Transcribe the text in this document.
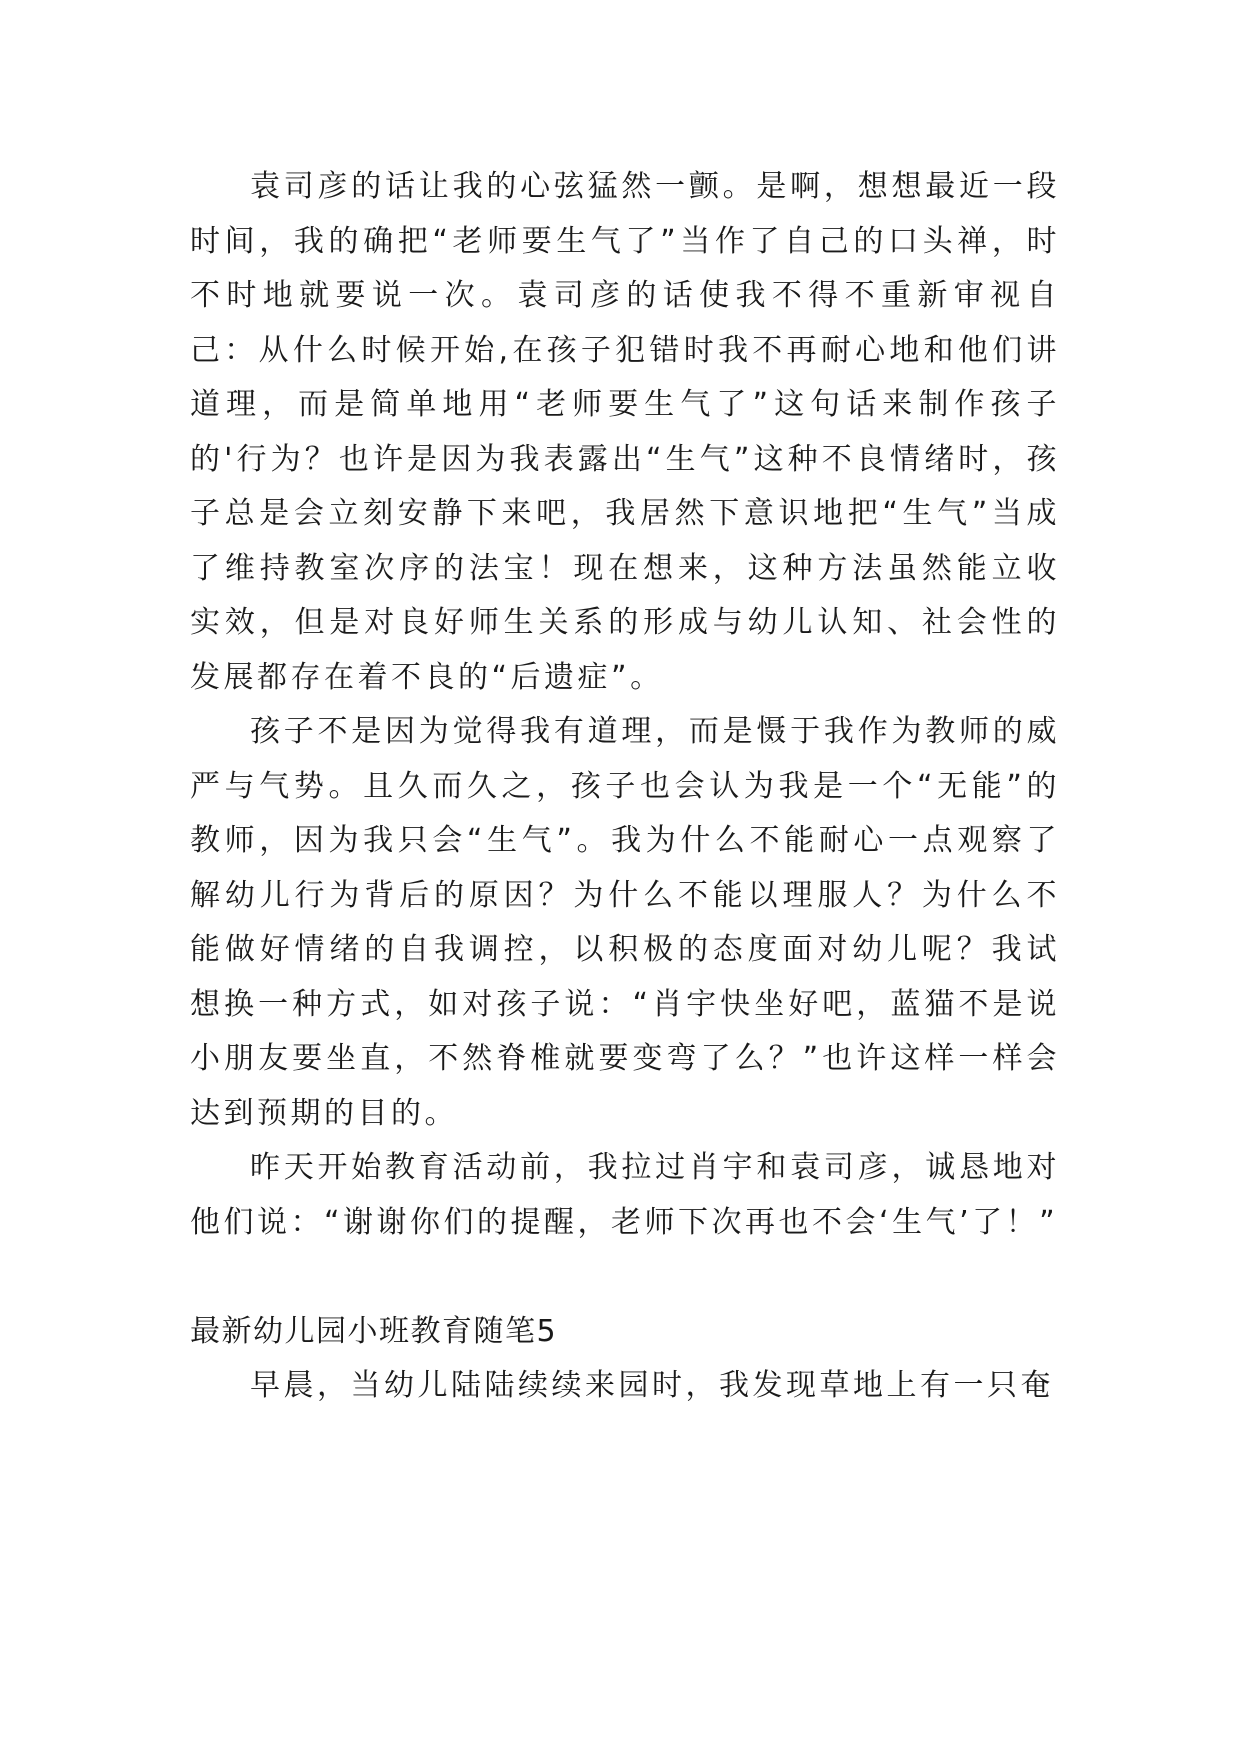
袁司彦的话让我的心弦猛然一颤。是啊，想想最近一段时间，我的确把“老师要生气了”当作了自己的口头禅，时不时地就要说一次。袁司彦的话使我不得不重新审视自己：从什么时候开始,在孩子犯错时我不再耐心地和他们讲道理，而是简单地用“老师要生气了”这句话来制作孩子的'行为？也许是因为我表露出“生气”这种不良情绪时，孩子总是会立刻安静下来吧，我居然下意识地把“生气”当成了维持教室次序的法宝！现在想来，这种方法虽然能立收实效，但是对良好师生关系的形成与幼儿认知、社会性的发展都存在着不良的“后遗症”。

孩子不是因为觉得我有道理，而是慑于我作为教师的威严与气势。且久而久之，孩子也会认为我是一个“无能”的教师，因为我只会“生气”。我为什么不能耐心一点观察了解幼儿行为背后的原因？为什么不能以理服人？为什么不能做好情绪的自我调控，以积极的态度面对幼儿呢？我试想换一种方式，如对孩子说：“肖宇快坐好吧，蓝猫不是说小朋友要坐直，不然脊椎就要变弯了么？”也许这样一样会达到预期的目的。

昨天开始教育活动前，我拉过肖宇和袁司彦，诚恳地对他们说：“谢谢你们的提醒，老师下次再也不会‘生气’了！”

最新幼儿园小班教育随笔5

早晨，当幼儿陆陆续续来园时，我发现草地上有一只奄
